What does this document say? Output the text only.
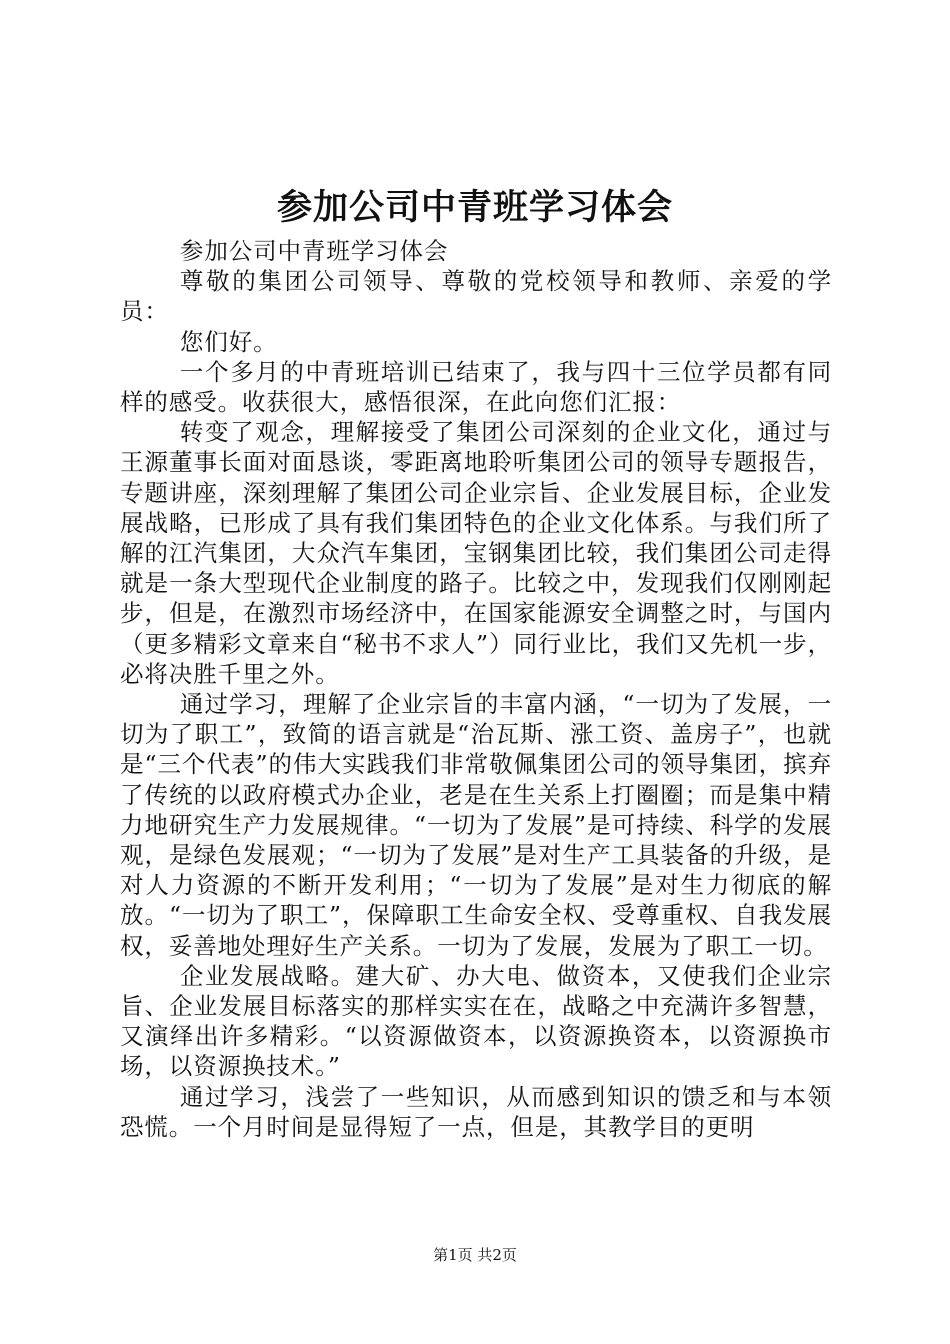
参加公司中青班学习体会

参加公司中青班学习体会

尊敬的集团公司领导、尊敬的党校领导和教师、亲爱的学员：

您们好。

一个多月的中青班培训已结束了，我与四十三位学员都有同样的感受。收获很大，感悟很深，在此向您们汇报：

转变了观念，理解接受了集团公司深刻的企业文化，通过与王源董事长面对面恳谈，零距离地聆听集团公司的领导专题报告，专题讲座，深刻理解了集团公司企业宗旨、企业发展目标，企业发展战略，已形成了具有我们集团特色的企业文化体系。与我们所了解的江汽集团，大众汽车集团，宝钢集团比较，我们集团公司走得就是一条大型现代企业制度的路子。比较之中，发现我们仅刚刚起步，但是，在激烈市场经济中，在国家能源安全调整之时，与国内（更多精彩文章来自“秘书不求人”）同行业比，我们又先机一步，必将决胜千里之外。

通过学习，理解了企业宗旨的丰富内涵，“一切为了发展，一切为了职工”，致简的语言就是“治瓦斯、涨工资、盖房子”，也就是“三个代表”的伟大实践我们非常敬佩集团公司的领导集团，摈弃了传统的以政府模式办企业，老是在生关系上打圈圈；而是集中精力地研究生产力发展规律。“一切为了发展”是可持续、科学的发展观，是绿色发展观；“一切为了发展”是对生产工具装备的升级，是对人力资源的不断开发利用；“一切为了发展”是对生力彻底的解放。“一切为了职工”，保障职工生命安全权、受尊重权、自我发展权，妥善地处理好生产关系。一切为了发展，发展为了职工一切。

企业发展战略。建大矿、办大电、做资本，又使我们企业宗旨、企业发展目标落实的那样实实在在，战略之中充满许多智慧，又演绎出许多精彩。“以资源做资本，以资源换资本，以资源换市场，以资源换技术。”

通过学习，浅尝了一些知识，从而感到知识的馈乏和与本领恐慌。一个月时间是显得短了一点，但是，其教学目的更明

第1页 共2页
